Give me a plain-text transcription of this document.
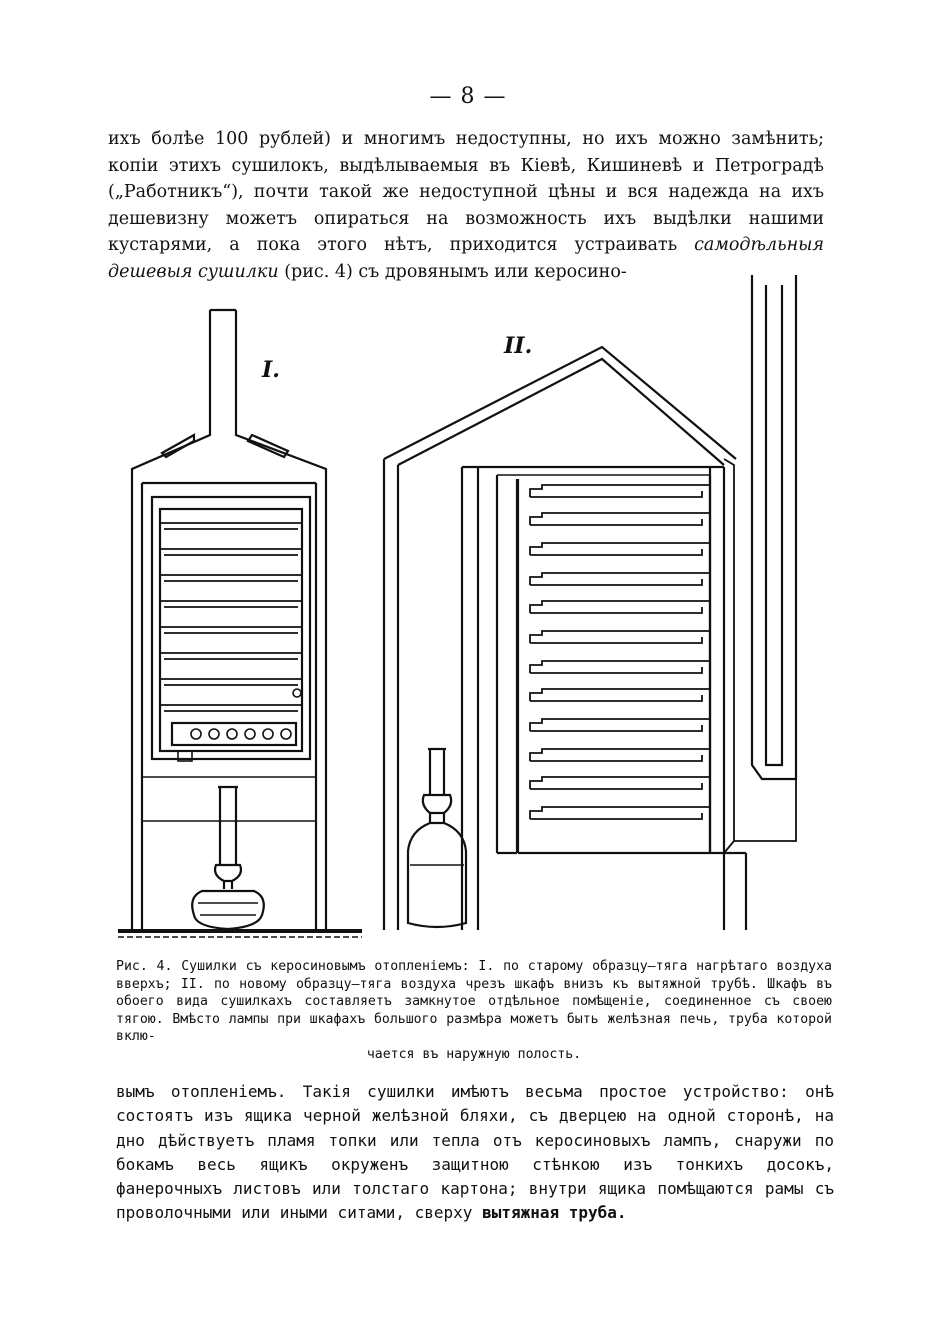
— 8 —

ихъ болѣе 100 рублей) и многимъ недоступны, но ихъ можно замѣнить; копіи этихъ сушилокъ, выдѣлываемыя въ Кіевѣ, Кишиневѣ и Петроградѣ („Работникъ“), почти такой же недоступной цѣны и вся надежда на ихъ дешевизну можетъ опираться на возможность ихъ выдѣлки нашими кустарями, а пока этого нѣтъ, приходится устраивать самодѣльныя дешевыя сушилки (рис. 4) съ дровянымъ или керосино-

I.
II.

Рис. 4. Сушилки съ керосиновымъ отопленіемъ: I. по старому образцу—тяга нагрѣтаго воздуха вверхъ; II. по новому образцу—тяга воздуха чрезъ шкафъ внизъ къ вытяжной трубѣ. Шкафъ въ обоего вида сушилкахъ составляетъ замкнутое отдѣльное помѣщеніе, соединенное съ своею тягою. Вмѣсто лампы при шкафахъ большого размѣра можетъ быть желѣзная печь, труба которой вклю-

чается въ наружную полость.

вымъ отопленіемъ. Такія сушилки имѣютъ весьма простое устройство: онѣ состоятъ изъ ящика черной желѣзной бляхи, съ дверцею на одной сторонѣ, на дно дѣйствуетъ пламя топки или тепла отъ керосиновыхъ лампъ, снаружи по бокамъ весь ящикъ окруженъ защитною стѣнкою изъ тонкихъ досокъ, фанерочныхъ листовъ или толстаго картона; внутри ящика помѣщаются рамы съ проволочными или иными ситами, сверху вытяжная труба.
